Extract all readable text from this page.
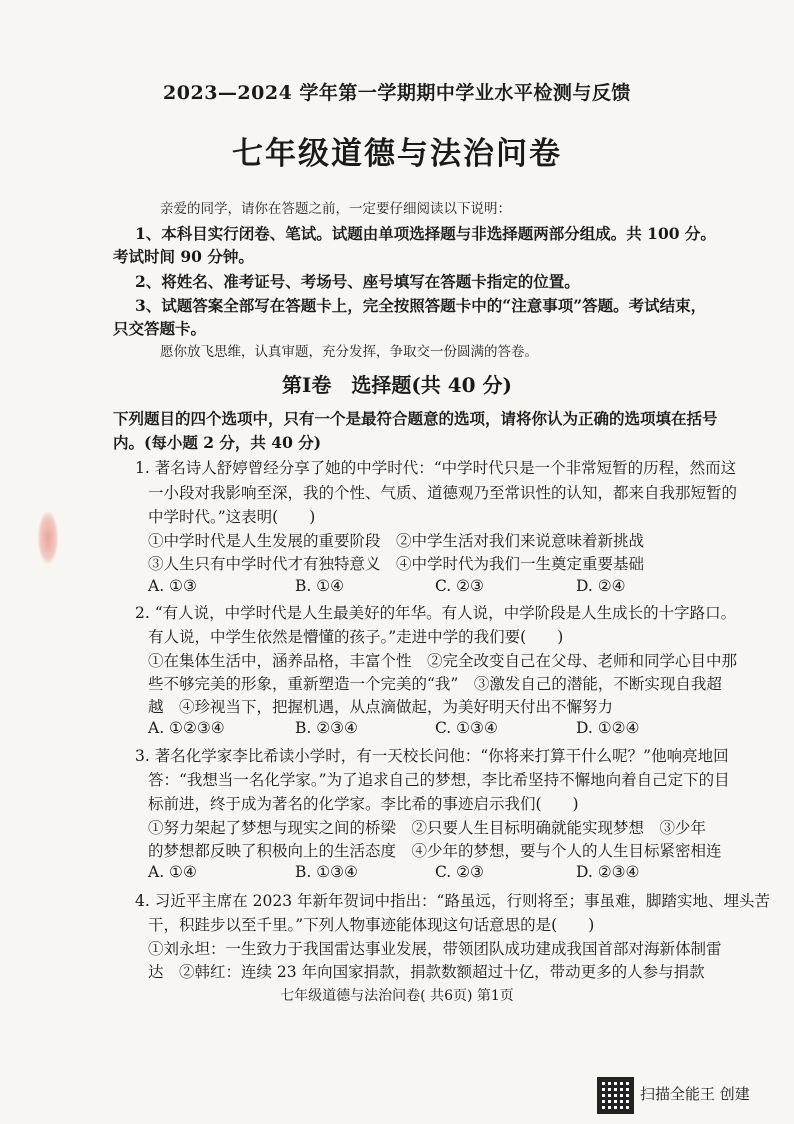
2023—2024 学年第一学期期中学业水平检测与反馈
七年级道德与法治问卷
亲爱的同学，请你在答题之前，一定要仔细阅读以下说明：
1、本科目实行闭卷、笔试。试题由单项选择题与非选择题两部分组成。共 100 分。
考试时间 90 分钟。
2、将姓名、准考证号、考场号、座号填写在答题卡指定的位置。
3、试题答案全部写在答题卡上，完全按照答题卡中的“注意事项”答题。考试结束，
只交答题卡。
愿你放飞思维，认真审题，充分发挥，争取交一份圆满的答卷。
第Ⅰ卷　选择题(共 40 分)
下列题目的四个选项中，只有一个是最符合题意的选项，请将你认为正确的选项填在括号
内。(每小题 2 分，共 40 分)
1. 著名诗人舒婷曾经分享了她的中学时代：“中学时代只是一个非常短暂的历程，然而这
一小段对我影响至深，我的个性、气质、道德观乃至常识性的认知，都来自我那短暂的
中学时代。”这表明(　　)
①中学时代是人生发展的重要阶段　②中学生活对我们来说意味着新挑战
③人生只有中学时代才有独特意义　④中学时代为我们一生奠定重要基础
A. ①③	B. ①④	C. ②③	D. ②④
2. “有人说，中学时代是人生最美好的年华。有人说，中学阶段是人生成长的十字路口。
有人说，中学生依然是懵懂的孩子。”走进中学的我们要(　　)
①在集体生活中，涵养品格，丰富个性　②完全改变自己在父母、老师和同学心目中那
些不够完美的形象，重新塑造一个完美的“我”　③激发自己的潜能，不断实现自我超
越　④珍视当下，把握机遇，从点滴做起，为美好明天付出不懈努力
A. ①②③④	B. ②③④	C. ①③④	D. ①②④
3. 著名化学家李比希读小学时，有一天校长问他：“你将来打算干什么呢？”他响亮地回
答：“我想当一名化学家。”为了追求自己的梦想，李比希坚持不懈地向着自己定下的目
标前进，终于成为著名的化学家。李比希的事迹启示我们(　　)
①努力架起了梦想与现实之间的桥梁　②只要人生目标明确就能实现梦想　③少年
的梦想都反映了积极向上的生活态度　④少年的梦想，要与个人的人生目标紧密相连
A. ①④	B. ①③④	C. ②③	D. ②③④
4. 习近平主席在 2023 年新年贺词中指出：“路虽远，行则将至；事虽难，脚踏实地、埋头苦
干，积跬步以至千里。”下列人物事迹能体现这句话意思的是(　　)
①刘永坦：一生致力于我国雷达事业发展，带领团队成功建成我国首部对海新体制雷
达　②韩红：连续 23 年向国家捐款，捐款数额超过十亿，带动更多的人参与捐款
七年级道德与法治问卷( 共6页) 第1页
扫描全能王 创建
